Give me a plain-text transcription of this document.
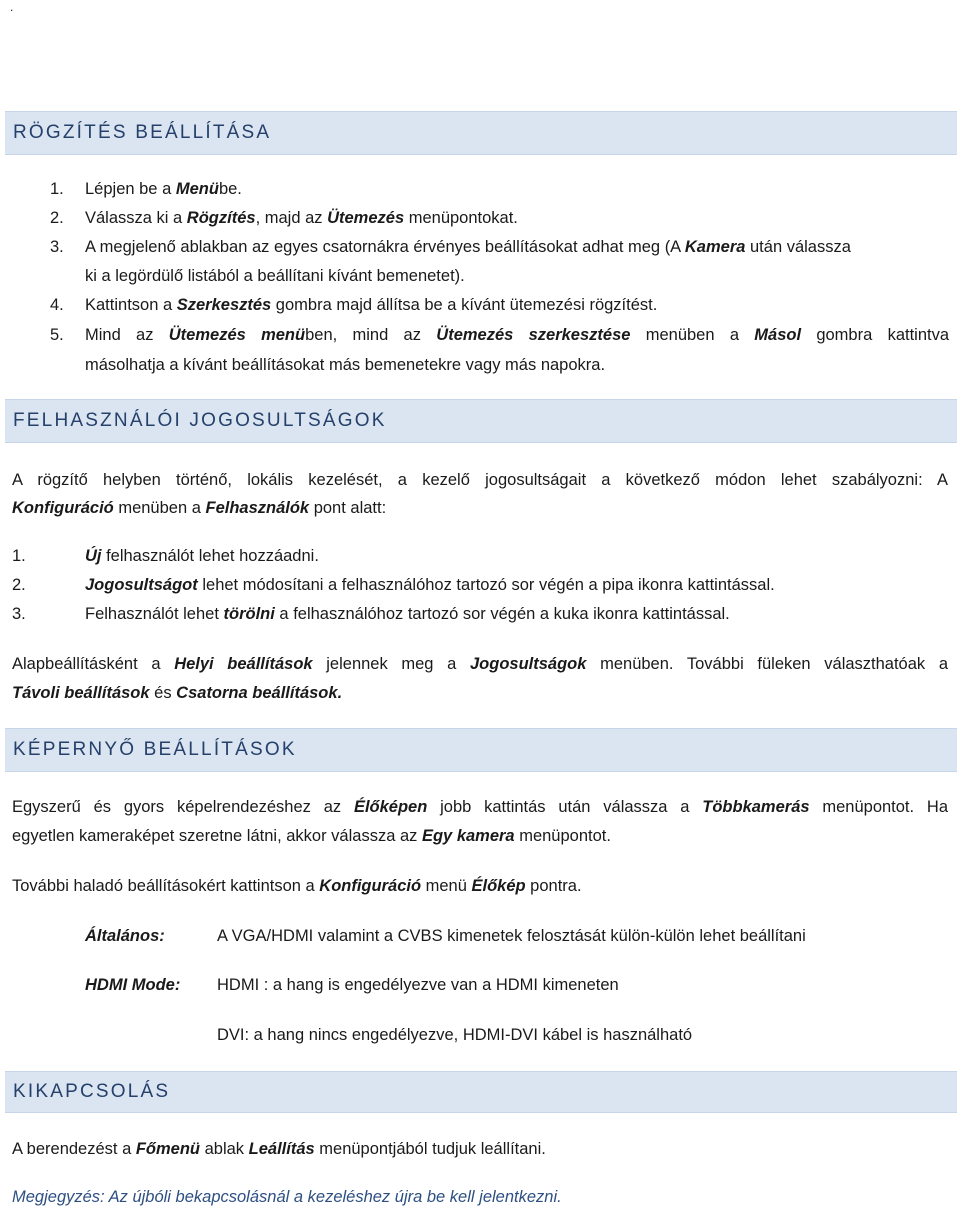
.
RÖGZÍTÉS BEÁLLÍTÁSA
1. Lépjen be a Menübe.
2. Válassza ki a Rögzítés, majd az Ütemezés menüpontokat.
3. A megjelenő ablakban az egyes csatornákra érvényes beállításokat adhat meg (A Kamera után válassza
ki a legördülő listából a beállítani kívánt bemenetet).
4. Kattintson a Szerkesztés gombra majd állítsa be a kívánt ütemezési rögzítést.
5. Mind az Ütemezés menüben, mind az Ütemezés szerkesztése menüben a Másol gombra kattintva
másolhatja a kívánt beállításokat más bemenetekre vagy más napokra.
FELHASZNÁLÓI JOGOSULTSÁGOK
A rögzítő helyben történő, lokális kezelését, a kezelő jogosultságait a következő módon lehet szabályozni: A
Konfiguráció menüben a Felhasználók pont alatt:
1.	Új felhasználót lehet hozzáadni.
2.	Jogosultságot lehet módosítani a felhasználóhoz tartozó sor végén a pipa ikonra kattintással.
3.	Felhasználót lehet törölni a felhasználóhoz tartozó sor végén a kuka ikonra kattintással.
Alapbeállításként a Helyi beállítások jelennek meg a Jogosultságok menüben. További füleken választhatóak a
Távoli beállítások és Csatorna beállítások.
KÉPERNYŐ BEÁLLÍTÁSOK
Egyszerű és gyors képelrendezéshez az Élőképen jobb kattintás után válassza a Többkamerás menüpontot. Ha
egyetlen kameraképet szeretne látni, akkor válassza az Egy kamera menüpontot.
További haladó beállításokért kattintson a Konfiguráció menü Élőkép pontra.
Általános:	A VGA/HDMI valamint a CVBS kimenetek felosztását külön-külön lehet beállítani
HDMI Mode: HDMI : a hang is engedélyezve van a HDMI kimeneten
DVI: a hang nincs engedélyezve, HDMI-DVI kábel is használható
KIKAPCSOLÁS
A berendezést a Főmenü ablak Leállítás menüpontjából tudjuk leállítani.
Megjegyzés: Az újbóli bekapcsolásnál a kezeléshez újra be kell jelentkezni.
